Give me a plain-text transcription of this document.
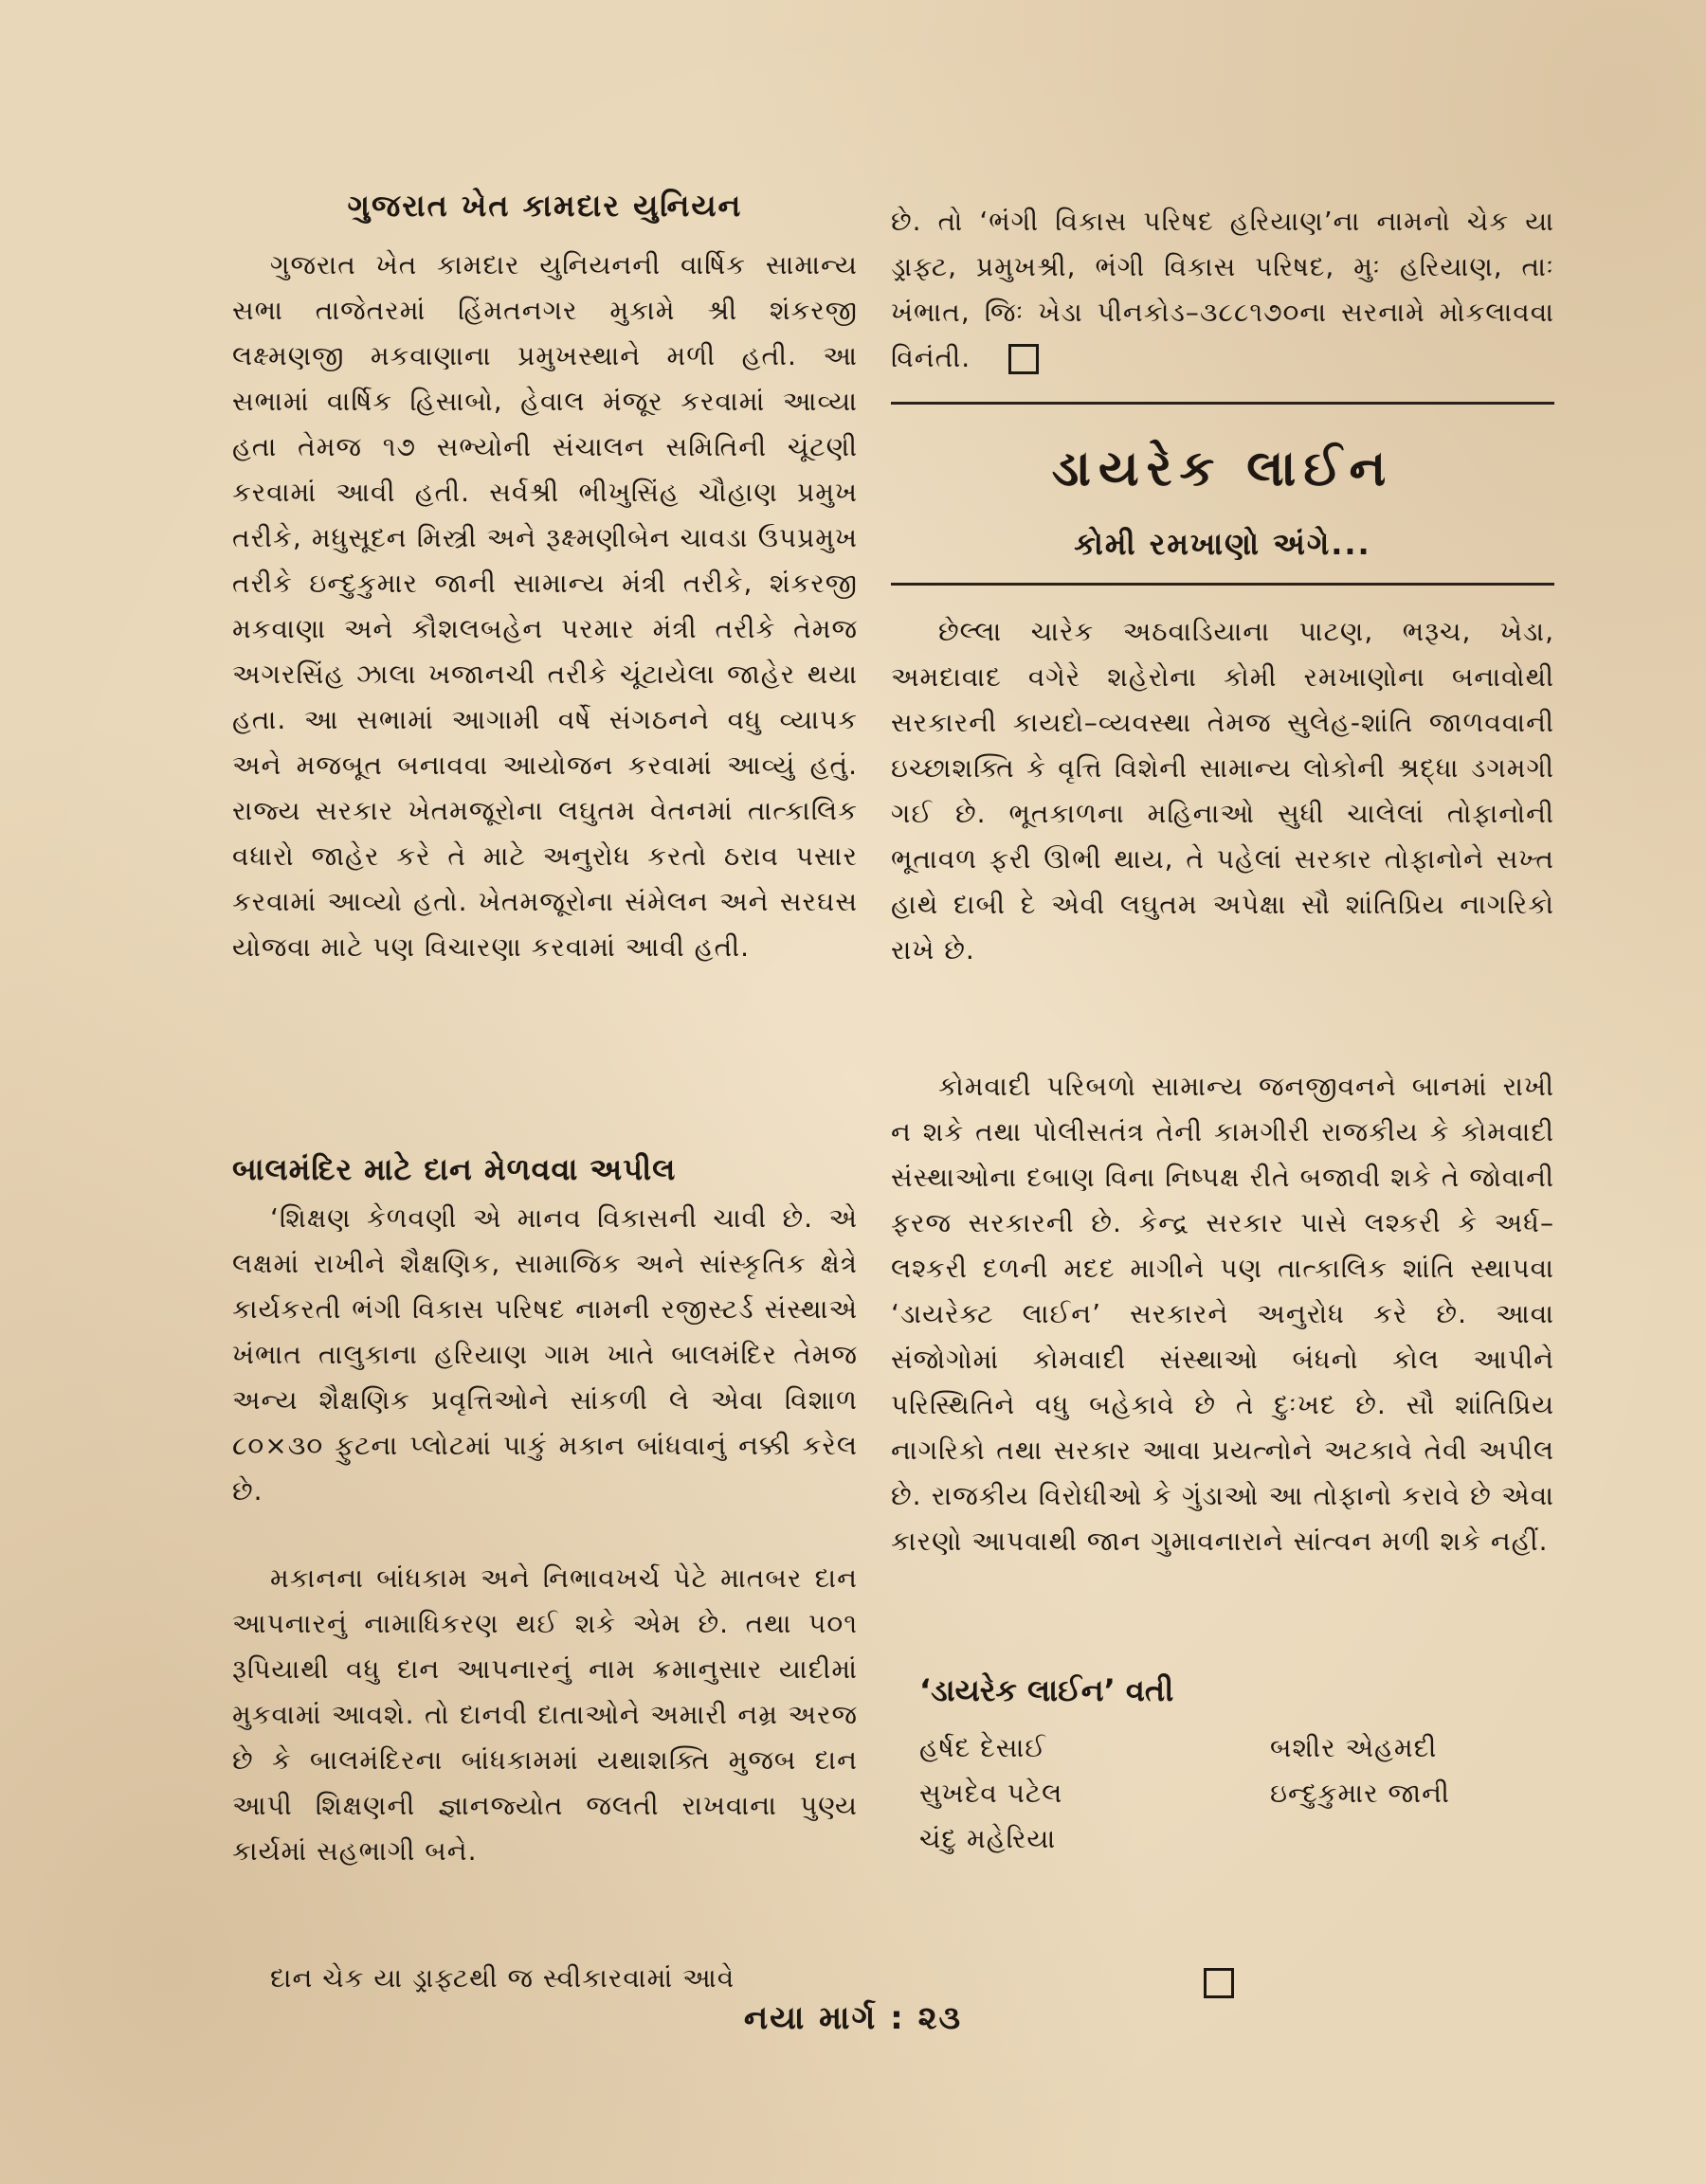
ગુજરાત ખેત કામદાર યુનિયન

ગુજરાત ખેત કામદાર યુનિયનની વાર્ષિક સામાન્ય સભા તાજેતરમાં હિંમતનગર મુકામે શ્રી શંકરજી લક્ષ્મણજી મકવાણાના પ્રમુખસ્થાને મળી હતી. આ સભામાં વાર્ષિક હિસાબો, હેવાલ મંજૂર કરવામાં આવ્યા હતા તેમજ ૧૭ સભ્યોની સંચાલન સમિતિની ચૂંટણી કરવામાં આવી હતી. સર્વશ્રી ભીખુસિંહ ચૌહાણ પ્રમુખ તરીકે, મધુસૂદન મિસ્ત્રી અને રૂક્ષ્મણીબેન ચાવડા ઉપપ્રમુખ તરીકે ઇન્દુકુમાર જાની સામાન્ય મંત્રી તરીકે, શંકરજી મકવાણા અને કૌશલબહેન પરમાર મંત્રી તરીકે તેમજ અગરસિંહ ઝાલા ખજાનચી તરીકે ચૂંટાયેલા જાહેર થયા હતા. આ સભામાં આગામી વર્ષે સંગઠનને વધુ વ્યાપક અને મજબૂત બનાવવા આયોજન કરવામાં આવ્યું હતું. રાજ્ય સરકાર ખેતમજૂરોના લઘુતમ વેતનમાં તાત્કાલિક વધારો જાહેર કરે તે માટે અનુરોધ કરતો ઠરાવ પસાર કરવામાં આવ્યો હતો. ખેતમજૂરોના સંમેલન અને સરઘસ યોજવા માટે પણ વિચારણા કરવામાં આવી હતી.

બાલમંદિર માટે દાન મેળવવા અપીલ

‘શિક્ષણ કેળવણી એ માનવ વિકાસની ચાવી છે. એ લક્ષમાં રાખીને શૈક્ષણિક, સામાજિક અને સાંસ્કૃતિક ક્ષેત્રે કાર્યકરતી ભંગી વિકાસ પરિષદ નામની રજીસ્ટર્ડ સંસ્થાએ ખંભાત તાલુકાના હરિયાણ ગામ ખાતે બાલમંદિર તેમજ અન્ય શૈક્ષણિક પ્રવૃત્તિઓને સાંકળી લે એવા વિશાળ ૮૦×૩૦ ફુટના પ્લોટમાં પાકું મકાન બાંધવાનું નક્કી કરેલ છે.

મકાનના બાંધકામ અને નિભાવખર્ચ પેટે માતબર દાન આપનારનું નામાધિકરણ થઈ શકે એમ છે. તથા ૫૦૧ રૂપિયાથી વધુ દાન આપનારનું નામ ક્રમાનુસાર યાદીમાં મુકવામાં આવશે. તો દાનવી દાતાઓને અમારી નમ્ર અરજ છે કે બાલમંદિરના બાંધકામમાં યથાશક્તિ મુજબ દાન આપી શિક્ષણની જ્ઞાનજ્યોત જલતી રાખવાના પુણ્ય કાર્યમાં સહભાગી બને.

દાન ચેક યા ડ્રાફ્ટથી જ સ્વીકારવામાં આવે

છે. તો ‘ભંગી વિકાસ પરિષદ હરિયાણ’ના નામનો ચેક યા ડ્રાફ્ટ, પ્રમુખશ્રી, ભંગી વિકાસ પરિષદ, મુઃ હરિયાણ, તાઃ ખંભાત, જિઃ ખેડા પીનકોડ–૩૮૮૧૭૦ના સરનામે મોકલાવવા વિનંતી.

ડાયરેક લાઈન
કોમી રમખાણો અંગે...

છેલ્લા ચારેક અઠવાડિયાના પાટણ, ભરૂચ, ખેડા, અમદાવાદ વગેરે શહેરોના કોમી રમખાણોના બનાવોથી સરકારની કાયદો–વ્યવસ્થા તેમજ સુલેહ-શાંતિ જાળવવાની ઇચ્છાશક્તિ કે વૃત્તિ વિશેની સામાન્ય લોકોની શ્રદ્ધા ડગમગી ગઈ છે. ભૂતકાળના મહિનાઓ સુધી ચાલેલાં તોફાનોની ભૂતાવળ ફરી ઊભી થાય, તે પહેલાં સરકાર તોફાનોને સખ્ત હાથે દાબી દે એવી લઘુતમ અપેક્ષા સૌ શાંતિપ્રિય નાગરિકો રાખે છે.

કોમવાદી પરિબળો સામાન્ય જનજીવનને બાનમાં રાખી ન શકે તથા પોલીસતંત્ર તેની કામગીરી રાજકીય કે કોમવાદી સંસ્થાઓના દબાણ વિના નિષ્પક્ષ રીતે બજાવી શકે તે જોવાની ફરજ સરકારની છે. કેન્દ્ર સરકાર પાસે લશ્કરી કે અર્ધ–લશ્કરી દળની મદદ માગીને પણ તાત્કાલિક શાંતિ સ્થાપવા ‘ડાયરેક્ટ લાઈન’ સરકારને અનુરોધ કરે છે. આવા સંજોગોમાં કોમવાદી સંસ્થાઓ બંધનો કોલ આપીને પરિસ્થિતિને વધુ બહેકાવે છે તે દુઃખદ છે. સૌ શાંતિપ્રિય નાગરિકો તથા સરકાર આવા પ્રયત્નોને અટકાવે તેવી અપીલ છે. રાજકીય વિરોધીઓ કે ગુંડાઓ આ તોફાનો કરાવે છે એવા કારણો આપવાથી જાન ગુમાવનારાને સાંત્વન મળી શકે નહીં.

‘ડાયરેક લાઈન’ વતી

હર્ષદ દેસાઈ	બશીર એહમદી

સુખદેવ પટેલ	ઇન્દુકુમાર જાની

ચંદુ મહેરિયા

નયા માર્ગ : ૨૩
